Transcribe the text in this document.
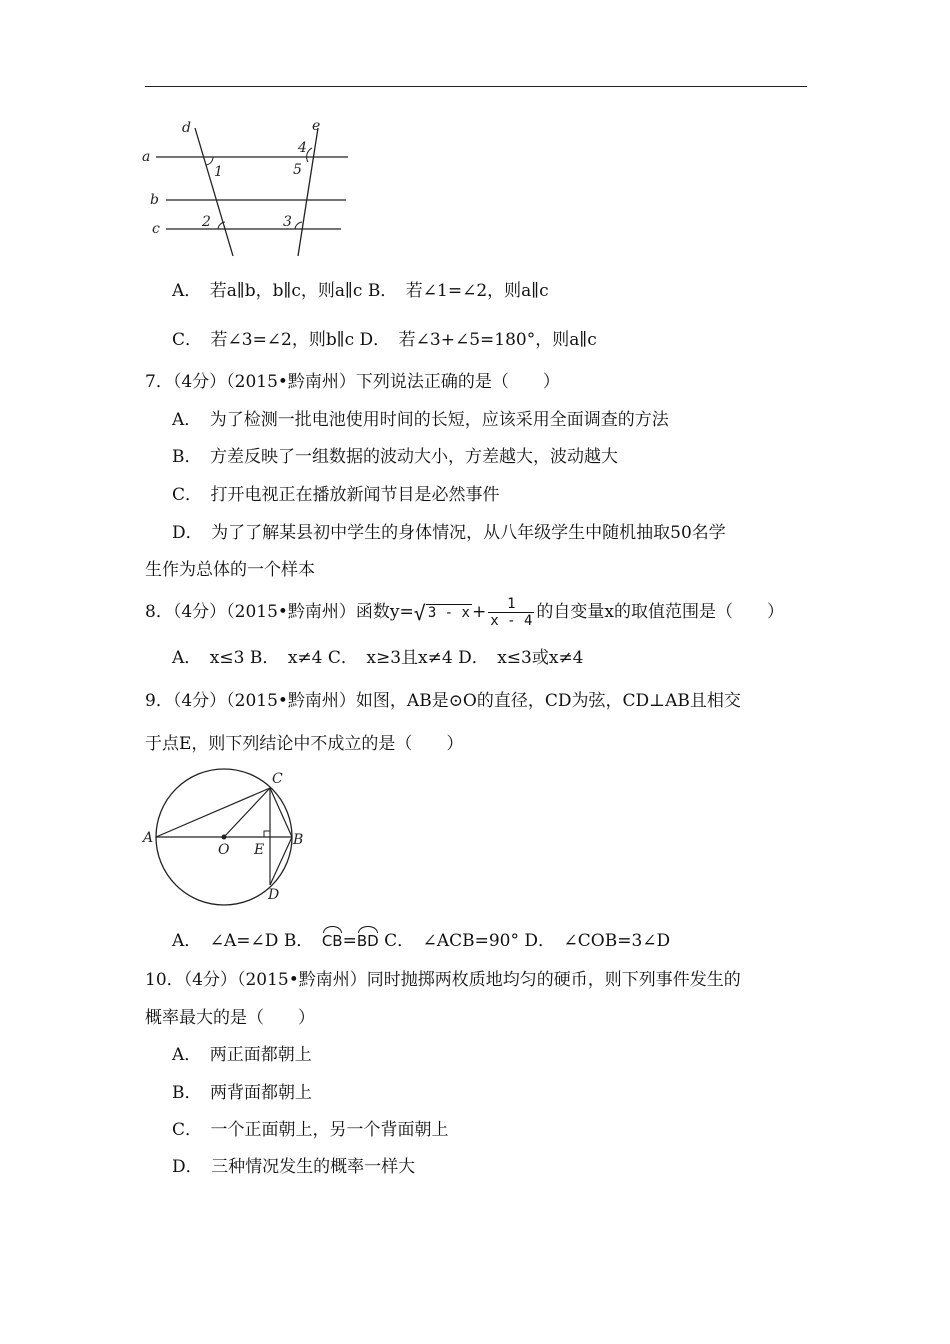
a
b
c
d	e
1
2	3
4
5
A．　若a∥b，b∥c，则a∥c B．　若∠1=∠2，则a∥c
C．　若∠3=∠2，则b∥c D．　若∠3+∠5=180°，则a∥c
7．（4分）（2015•黔南州）下列说法正确的是（　　）
A．　为了检测一批电池使用时间的长短，应该采用全面调查的方法
B．　方差反映了一组数据的波动大小，方差越大，波动越大
C．　打开电视正在播放新闻节目是必然事件
D．　为了了解某县初中学生的身体情况，从八年级学生中随机抽取50名学
生作为总体的一个样本
8．（4分）（2015•黔南州）函数y=√ $3 - x + \frac{1}{x - 4}$ 的自变量x的取值范围是（　　）
A．　x≤3 B．　x≠4 C．　x≥3且x≠4 D．　x≤3或x≠4
9．（4分）（2015•黔南州）如图，AB是⊙O的直径，CD为弦，CD⊥AB且相交
于点E，则下列结论中不成立的是（　　）
A	B
C
D
O E
A．　∠A=∠D B．　CB=BD C．　∠ACB=90° D．　∠COB=3∠D
10．（4分）（2015•黔南州）同时抛掷两枚质地均匀的硬币，则下列事件发生的
概率最大的是（　　）
A．　两正面都朝上
B．　两背面都朝上
C．　一个正面朝上，另一个背面朝上
D．　三种情况发生的概率一样大
